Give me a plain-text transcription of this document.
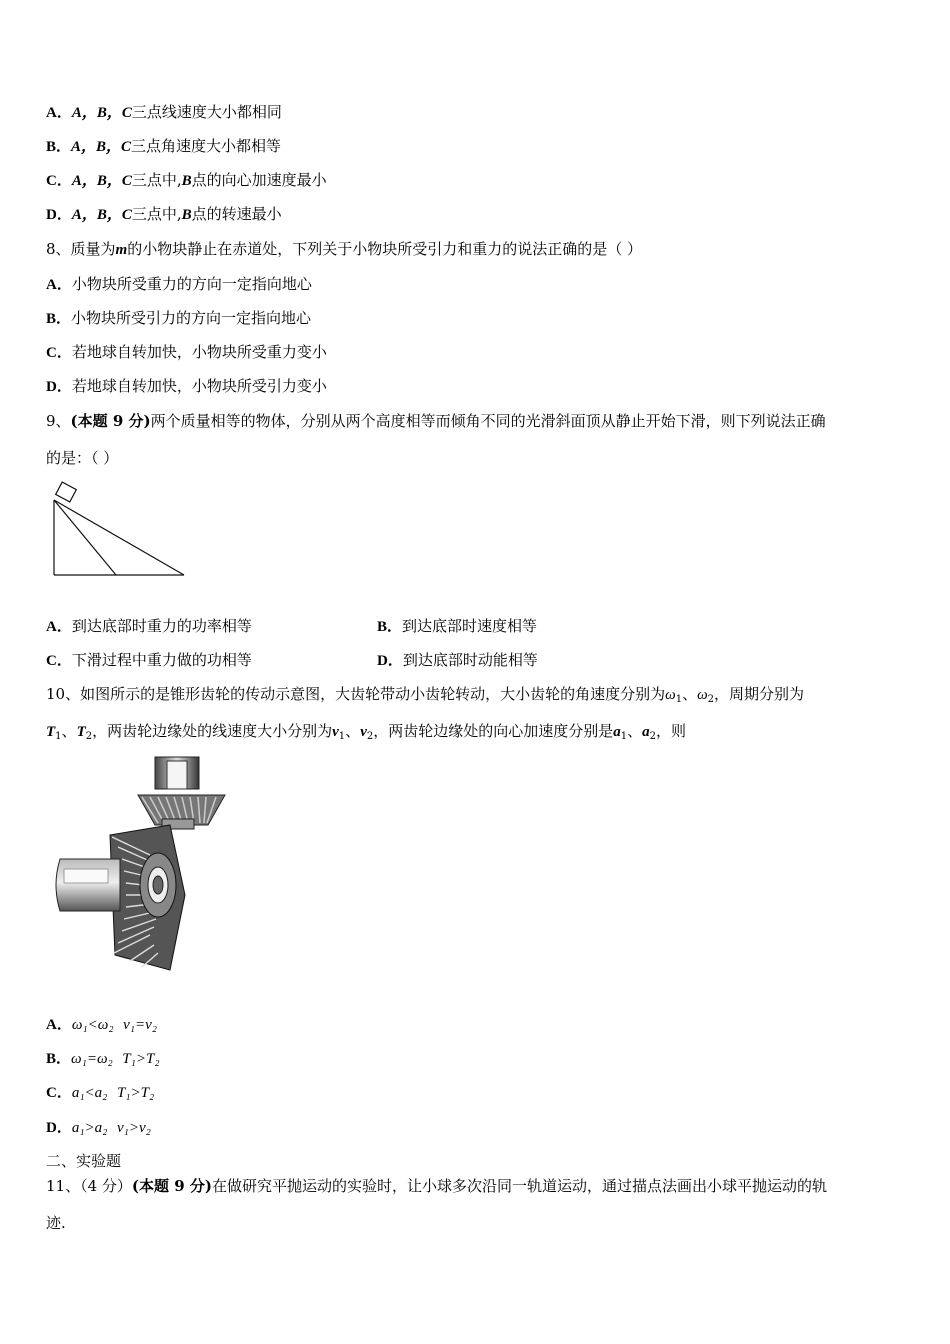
A．A，B，C三点线速度大小都相同
B．A，B，C三点角速度大小都相等
C．A，B，C三点中,B点的向心加速度最小
D．A，B，C三点中,B点的转速最小
8、质量为m的小物块静止在赤道处，下列关于小物块所受引力和重力的说法正确的是（ ）
A．小物块所受重力的方向一定指向地心
B．小物块所受引力的方向一定指向地心
C．若地球自转加快，小物块所受重力变小
D．若地球自转加快，小物块所受引力变小
9、(本题 9 分)两个质量相等的物体，分别从两个高度相等而倾角不同的光滑斜面顶从静止开始下滑，则下列说法正确
的是：（ ）
A．到达底部时重力的功率相等	B．到达底部时速度相等
C．下滑过程中重力做的功相等	D．到达底部时动能相等
10、如图所示的是锥形齿轮的传动示意图，大齿轮带动小齿轮转动，大小齿轮的角速度分别为$\omega_1$、$\omega_2$，周期分别为
$T_1$、$T_2$，两齿轮边缘处的线速度大小分别为$v_1$、$v_2$，两齿轮边缘处的向心加速度分别是$a_1$、$a_2$，则
A．ω₁<ω₂ v₁=v₂
B．ω₁=ω₂ T₁>T₂
C．a₁<a₂ T₁>T₂
D．a₁>a₂ v₁>v₂
二、实验题
11、（4 分）(本题 9 分)在做研究平抛运动的实验时，让小球多次沿同一轨道运动，通过描点法画出小球平抛运动的轨
迹.
